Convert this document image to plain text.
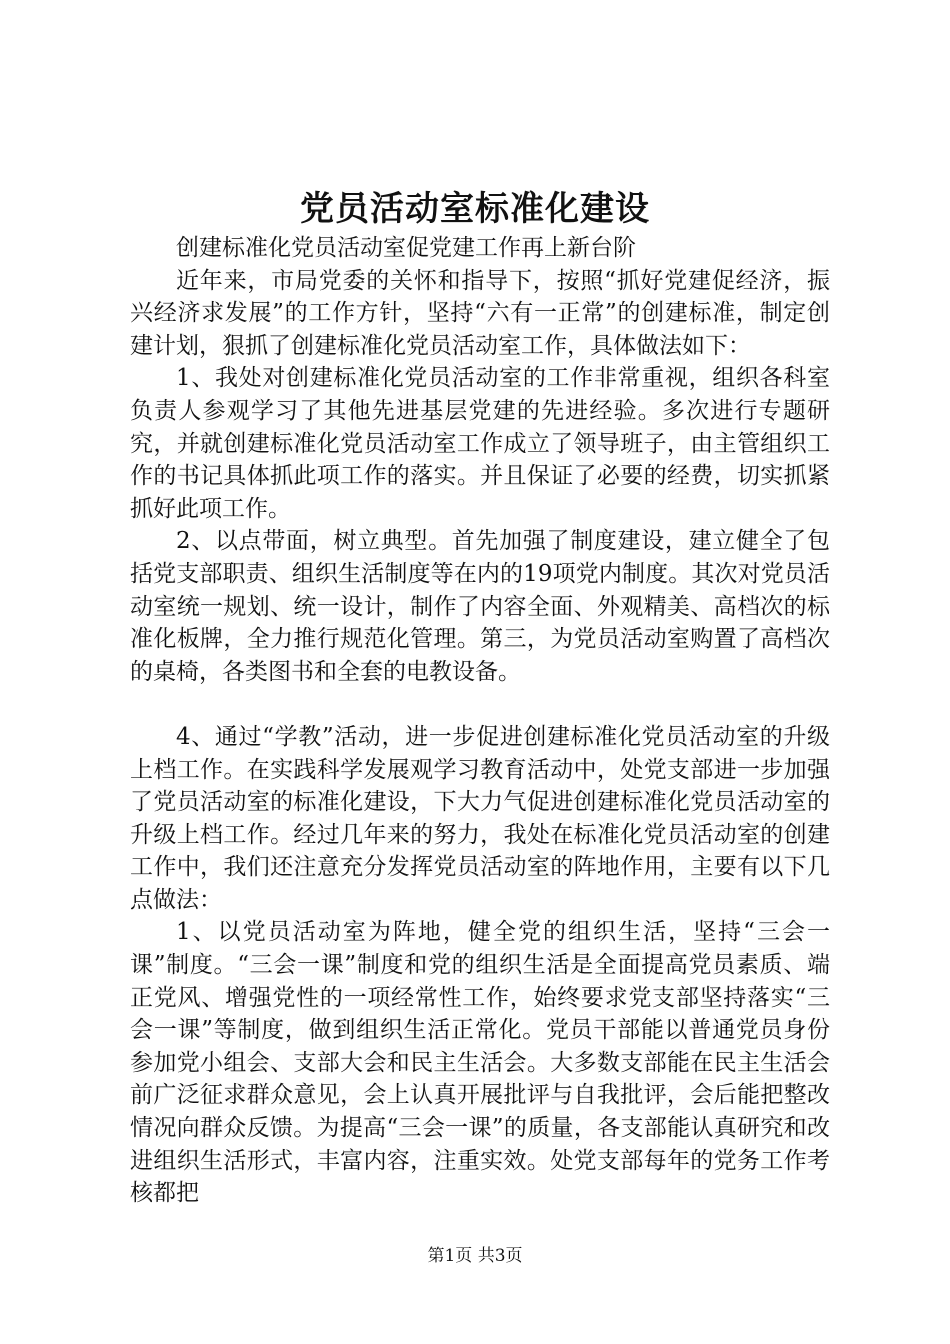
党员活动室标准化建设

创建标准化党员活动室促党建工作再上新台阶

近年来，市局党委的关怀和指导下，按照“抓好党建促经济，振兴经济求发展”的工作方针，坚持“六有一正常”的创建标准，制定创建计划，狠抓了创建标准化党员活动室工作，具体做法如下：

1、我处对创建标准化党员活动室的工作非常重视，组织各科室负责人参观学习了其他先进基层党建的先进经验。多次进行专题研究，并就创建标准化党员活动室工作成立了领导班子，由主管组织工作的书记具体抓此项工作的落实。并且保证了必要的经费，切实抓紧抓好此项工作。

2、以点带面，树立典型。首先加强了制度建设，建立健全了包括党支部职责、组织生活制度等在内的19项党内制度。其次对党员活动室统一规划、统一设计，制作了内容全面、外观精美、高档次的标准化板牌，全力推行规范化管理。第三，为党员活动室购置了高档次的桌椅，各类图书和全套的电教设备。

4、通过“学教”活动，进一步促进创建标准化党员活动室的升级上档工作。在实践科学发展观学习教育活动中，处党支部进一步加强了党员活动室的标准化建设，下大力气促进创建标准化党员活动室的升级上档工作。经过几年来的努力，我处在标准化党员活动室的创建工作中，我们还注意充分发挥党员活动室的阵地作用，主要有以下几点做法：

1、以党员活动室为阵地，健全党的组织生活，坚持“三会一课”制度。“三会一课”制度和党的组织生活是全面提高党员素质、端正党风、增强党性的一项经常性工作，始终要求党支部坚持落实“三会一课”等制度，做到组织生活正常化。党员干部能以普通党员身份参加党小组会、支部大会和民主生活会。大多数支部能在民主生活会前广泛征求群众意见，会上认真开展批评与自我批评，会后能把整改情况向群众反馈。为提高“三会一课”的质量，各支部能认真研究和改进组织生活形式，丰富内容，注重实效。处党支部每年的党务工作考核都把

第1页 共3页
